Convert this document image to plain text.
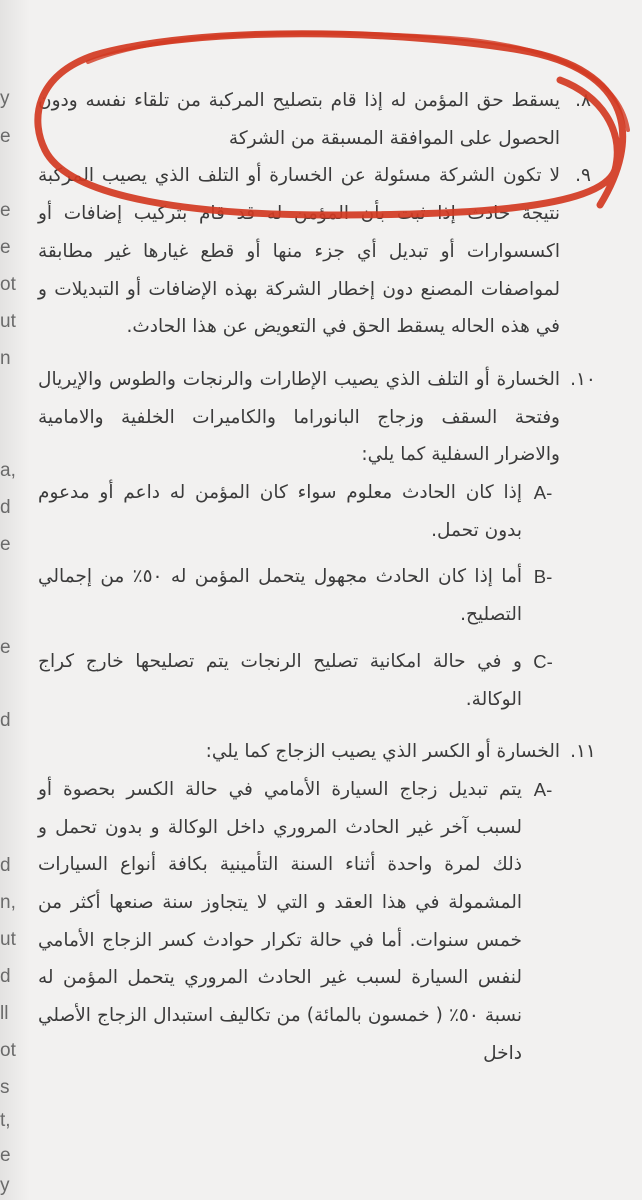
y
e
e
e
ot
ut
n
a,
d
e
e
d
d
n,
ut
d
ll
ot
s
t,
e
y
٨.
يسقط حق المؤمن له إذا قام بتصليح المركبة من تلقاء نفسه ودون الحصول على الموافقة المسبقة من الشركة
٩.
لا تكون الشركة مسئولة عن الخسارة أو التلف الذي يصيب المركبة نتيجة حادث إذا ثبت بأن المؤمن له قد قام بتركيب إضافات أو اكسسوارات أو تبديل أي جزء منها أو قطع غيارها غير مطابقة لمواصفات المصنع دون إخطار الشركة بهذه الإضافات أو التبديلات و في هذه الحاله يسقط الحق في التعويض عن هذا الحادث.
١٠.
الخسارة أو التلف الذي يصيب الإطارات والرنجات والطوس والإيريال وفتحة السقف وزجاج البانوراما والكاميرات الخلفية والامامية والاضرار السفلية كما يلي:
A-
إذا كان الحادث معلوم سواء كان المؤمن له داعم أو مدعوم بدون تحمل.
B-
أما إذا كان الحادث مجهول يتحمل المؤمن له ٥٠٪ من إجمالي التصليح.
C-
و في حالة امكانية تصليح الرنجات يتم تصليحها خارج كراج الوكالة.
١١.
الخسارة أو الكسر الذي يصيب الزجاج كما يلي:
A-
يتم تبديل زجاج السيارة الأمامي في حالة الكسر بحصوة أو لسبب آخر غير الحادث المروري داخل الوكالة و بدون تحمل و ذلك لمرة واحدة أثناء السنة التأمينية بكافة أنواع السيارات المشمولة في هذا العقد و التي لا يتجاوز سنة صنعها أكثر من خمس سنوات. أما في حالة تكرار حوادث كسر الزجاج الأمامي لنفس السيارة لسبب غير الحادث المروري يتحمل المؤمن له نسبة ٥٠٪ ( خمسون بالمائة) من تكاليف استبدال الزجاج الأصلي داخل
